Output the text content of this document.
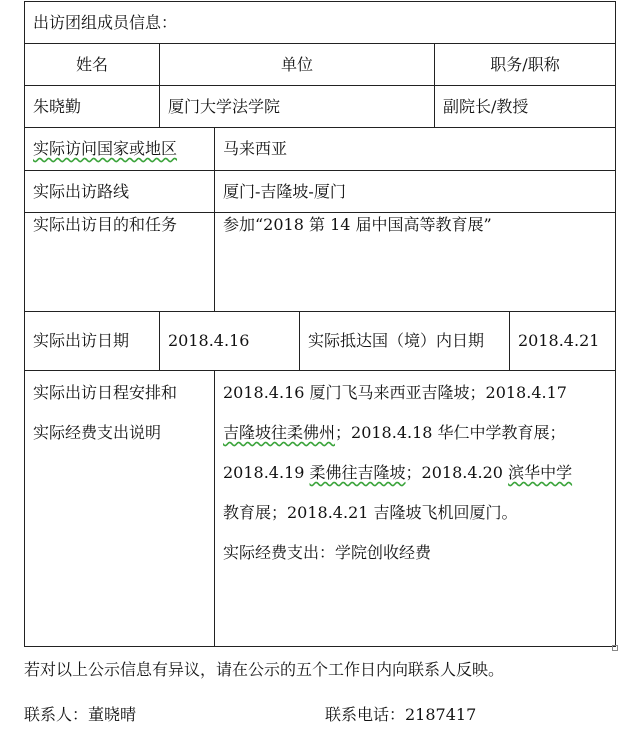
出访团组成员信息：					
姓名	单位			职务/职称	
朱晓勤	厦门大学法学院			副院长/教授	
实际访问国家或地区		马来西亚			
实际出访路线		厦门-吉隆坡-厦门			
实际出访目的和任务		参加“2018 第 14 届中国高等教育展”			
实际出访日期	2018.4.16		实际抵达国（境）内日期		2018.4.21

实际出访日程安排和
实际经费支出说明		2018.4.16 厦门飞马来西亚吉隆坡；2018.4.17
吉隆坡往柔佛州；2018.4.18 华仁中学教育展；
2018.4.19 柔佛往吉隆坡；2018.4.20 滨华中学
教育展；2018.4.21 吉隆坡飞机回厦门。
实际经费支出：学院创收经费			
若对以上公示信息有异议，请在公示的五个工作日内向联系人反映。
联系人：董晓晴	联系电话：2187417
